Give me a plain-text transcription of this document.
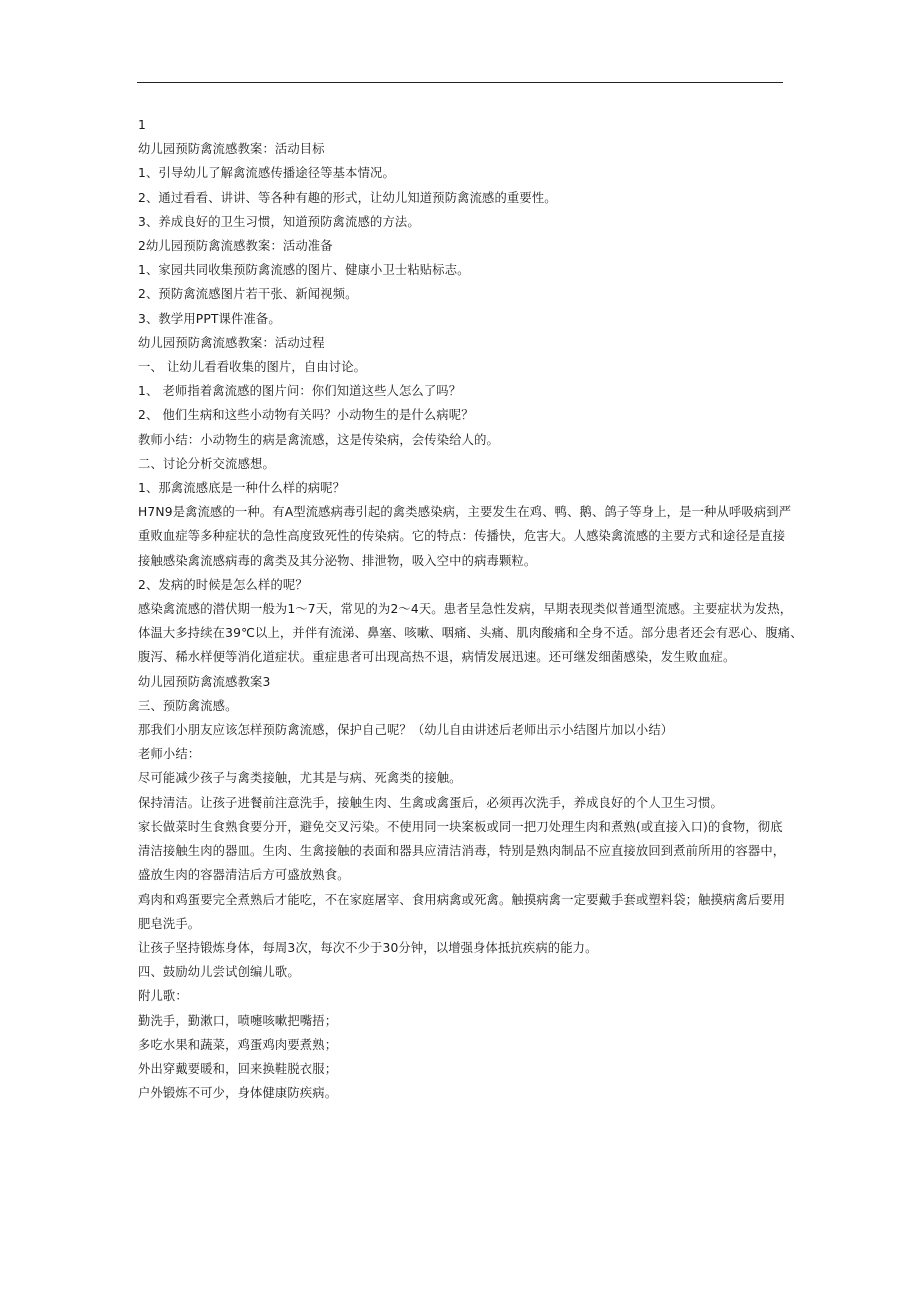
1
幼儿园预防禽流感教案：活动目标
1、引导幼儿了解禽流感传播途径等基本情况。
2、通过看看、讲讲、等各种有趣的形式，让幼儿知道预防禽流感的重要性。
3、养成良好的卫生习惯，知道预防禽流感的方法。
2幼儿园预防禽流感教案：活动准备
1、家园共同收集预防禽流感的图片、健康小卫士粘贴标志。
2、预防禽流感图片若干张、新闻视频。
3、教学用PPT课件准备。
幼儿园预防禽流感教案：活动过程
一、 让幼儿看看收集的图片，自由讨论。
1、 老师指着禽流感的图片问：你们知道这些人怎么了吗？
2、 他们生病和这些小动物有关吗？小动物生的是什么病呢？
教师小结：小动物生的病是禽流感，这是传染病，会传染给人的。
二、讨论分析交流感想。
1、那禽流感底是一种什么样的病呢？
H7N9是禽流感的一种。有A型流感病毒引起的禽类感染病，主要发生在鸡、鸭、鹅、鸽子等身上，是一种从呼吸病到严
重败血症等多种症状的急性高度致死性的传染病。它的特点：传播快，危害大。人感染禽流感的主要方式和途径是直接
接触感染禽流感病毒的禽类及其分泌物、排泄物，吸入空中的病毒颗粒。
2、发病的时候是怎么样的呢？
感染禽流感的潜伏期一般为1～7天，常见的为2～4天。患者呈急性发病，早期表现类似普通型流感。主要症状为发热，
体温大多持续在39℃以上，并伴有流涕、鼻塞、咳嗽、咽痛、头痛、肌肉酸痛和全身不适。部分患者还会有恶心、腹痛、
腹泻、稀水样便等消化道症状。重症患者可出现高热不退，病情发展迅速。还可继发细菌感染，发生败血症。
幼儿园预防禽流感教案3
三、预防禽流感。
那我们小朋友应该怎样预防禽流感，保护自己呢？（幼儿自由讲述后老师出示小结图片加以小结）
老师小结：
尽可能减少孩子与禽类接触，尤其是与病、死禽类的接触。
保持清洁。让孩子进餐前注意洗手，接触生肉、生禽或禽蛋后，必须再次洗手，养成良好的个人卫生习惯。
家长做菜时生食熟食要分开，避免交叉污染。不使用同一块案板或同一把刀处理生肉和煮熟(或直接入口)的食物，彻底
清洁接触生肉的器皿。生肉、生禽接触的表面和器具应清洁消毒，特别是熟肉制品不应直接放回到煮前所用的容器中，
盛放生肉的容器清洁后方可盛放熟食。
鸡肉和鸡蛋要完全煮熟后才能吃，不在家庭屠宰、食用病禽或死禽。触摸病禽一定要戴手套或塑料袋；触摸病禽后要用
肥皂洗手。
让孩子坚持锻炼身体，每周3次，每次不少于30分钟，以增强身体抵抗疾病的能力。
四、鼓励幼儿尝试创编儿歌。
附儿歌：
勤洗手，勤漱口，喷嚏咳嗽把嘴捂；
多吃水果和蔬菜，鸡蛋鸡肉要煮熟；
外出穿戴要暖和，回来换鞋脱衣服；
户外锻炼不可少，身体健康防疾病。
